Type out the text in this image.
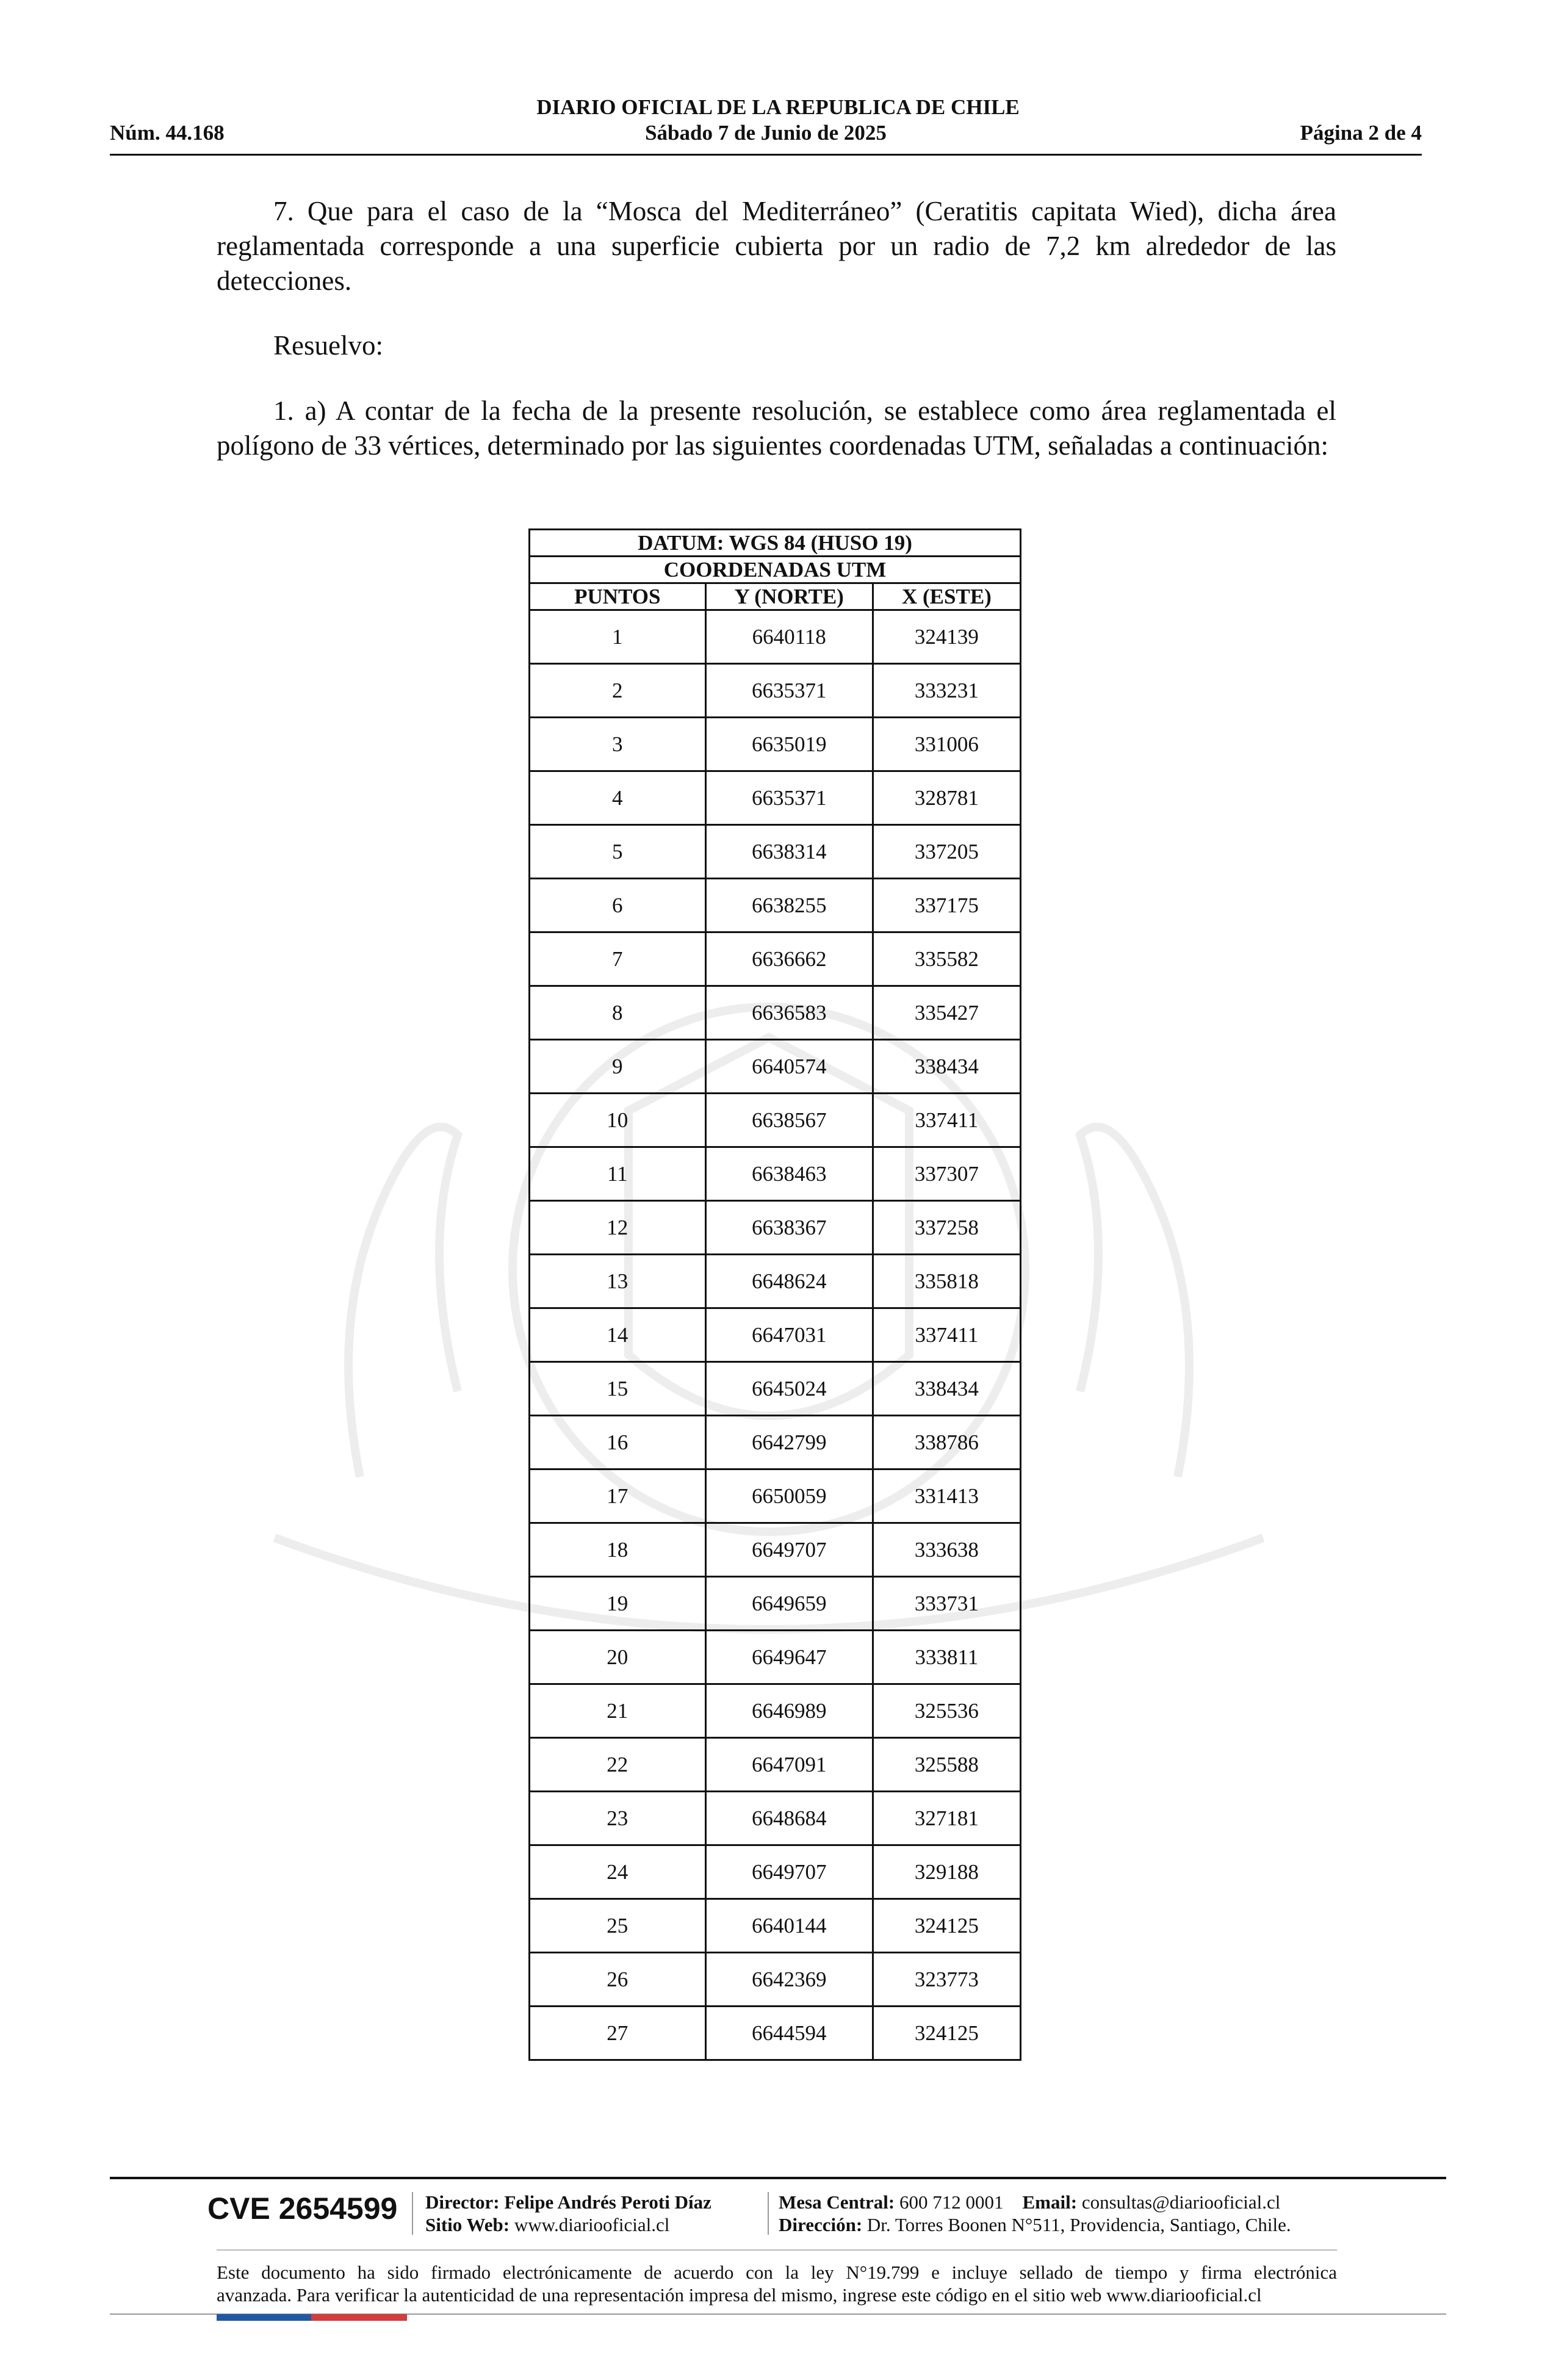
DIARIO OFICIAL DE LA REPUBLICA DE CHILE
Núm. 44.168	Sábado 7 de Junio de 2025	Página 2 de 4
7. Que para el caso de la “Mosca del Mediterráneo” (Ceratitis capitata Wied), dicha área reglamentada corresponde a una superficie cubierta por un radio de 7,2 km alrededor de las detecciones.
Resuelvo:
1. a) A contar de la fecha de la presente resolución, se establece como área reglamentada el polígono de 33 vértices, determinado por las siguientes coordenadas UTM, señaladas a continuación:
DATUM: WGS 84 (HUSO 19)		
COORDENADAS UTM		
PUNTOS	Y (NORTE)	X (ESTE)
1	6640118	324139
2	6635371	333231
3	6635019	331006
4	6635371	328781
5	6638314	337205
6	6638255	337175
7	6636662	335582
8	6636583	335427
9	6640574	338434
10	6638567	337411
11	6638463	337307
12	6638367	337258
13	6648624	335818
14	6647031	337411
15	6645024	338434
16	6642799	338786
17	6650059	331413
18	6649707	333638
19	6649659	333731
20	6649647	333811
21	6646989	325536
22	6647091	325588
23	6648684	327181
24	6649707	329188
25	6640144	324125
26	6642369	323773
27	6644594	324125
CVE 2654599	Director: Felipe Andrés Peroti Díaz
Sitio Web: www.diariooficial.cl
Mesa Central: 600 712 0001 Email: consultas@diariooficial.cl
Dirección: Dr. Torres Boonen N°511, Providencia, Santiago, Chile.
Este documento ha sido firmado electrónicamente de acuerdo con la ley N°19.799 e incluye sellado de tiempo y firma electrónica
avanzada. Para verificar la autenticidad de una representación impresa del mismo, ingrese este código en el sitio web www.diariooficial.cl
